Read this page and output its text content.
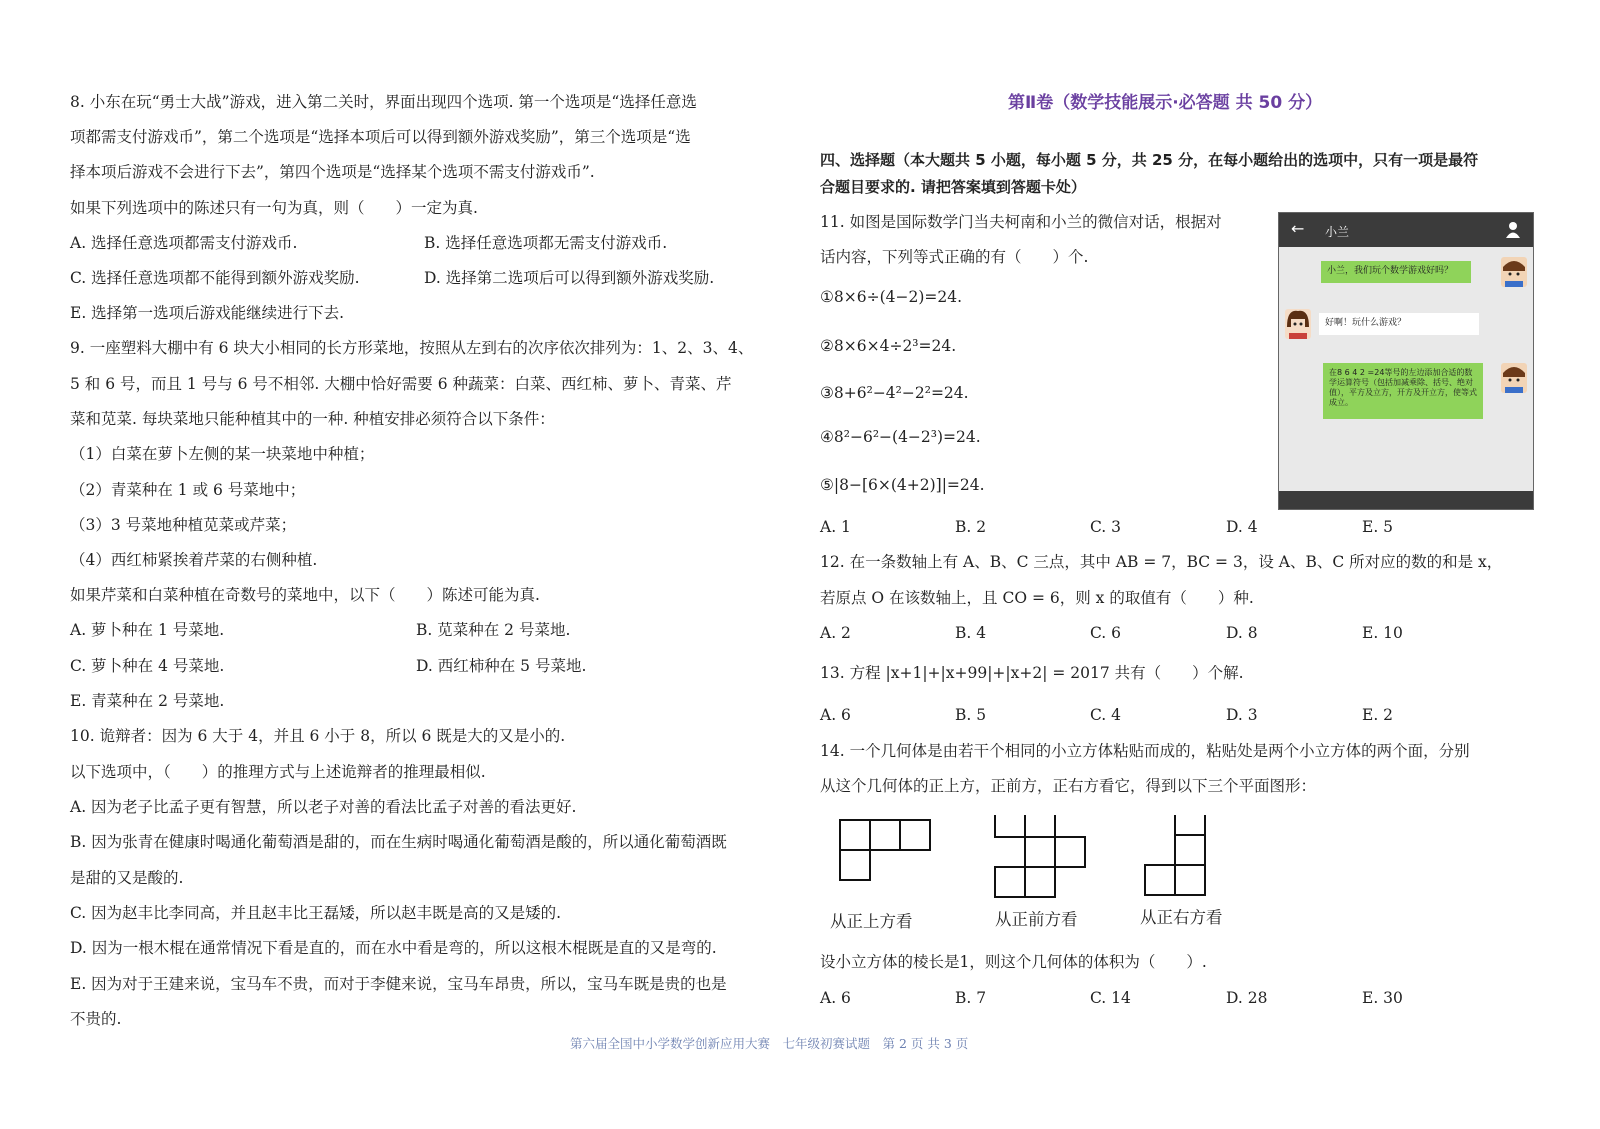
8. 小东在玩“勇士大战”游戏，进入第二关时，界面出现四个选项. 第一个选项是“选择任意选
项都需支付游戏币”，第二个选项是“选择本项后可以得到额外游戏奖励”，第三个选项是“选
择本项后游戏不会进行下去”，第四个选项是“选择某个选项不需支付游戏币”.
如果下列选项中的陈述只有一句为真，则（　　）一定为真.
A. 选择任意选项都需支付游戏币.	B. 选择任意选项都无需支付游戏币.
C. 选择任意选项都不能得到额外游戏奖励.	D. 选择第二选项后可以得到额外游戏奖励.
E. 选择第一选项后游戏能继续进行下去.
9. 一座塑料大棚中有 6 块大小相同的长方形菜地，按照从左到右的次序依次排列为：1、2、3、4、
5 和 6 号，而且 1 号与 6 号不相邻. 大棚中恰好需要 6 种蔬菜：白菜、西红柿、萝卜、青菜、芹
菜和苋菜. 每块菜地只能种植其中的一种. 种植安排必须符合以下条件：
（1）白菜在萝卜左侧的某一块菜地中种植；
（2）青菜种在 1 或 6 号菜地中；
（3）3 号菜地种植苋菜或芹菜；
（4）西红柿紧挨着芹菜的右侧种植.
如果芹菜和白菜种植在奇数号的菜地中，以下（　　）陈述可能为真.
A. 萝卜种在 1 号菜地.	B. 苋菜种在 2 号菜地.
C. 萝卜种在 4 号菜地.	D. 西红柿种在 5 号菜地.
E. 青菜种在 2 号菜地.
10. 诡辩者：因为 6 大于 4，并且 6 小于 8，所以 6 既是大的又是小的.
以下选项中，（　　）的推理方式与上述诡辩者的推理最相似.
A. 因为老子比孟子更有智慧，所以老子对善的看法比孟子对善的看法更好.
B. 因为张青在健康时喝通化葡萄酒是甜的，而在生病时喝通化葡萄酒是酸的，所以通化葡萄酒既
是甜的又是酸的.
C. 因为赵丰比李同高，并且赵丰比王磊矮，所以赵丰既是高的又是矮的.
D. 因为一根木棍在通常情况下看是直的，而在水中看是弯的，所以这根木棍既是直的又是弯的.
E. 因为对于王建来说，宝马车不贵，而对于李健来说，宝马车昂贵，所以，宝马车既是贵的也是
不贵的.
第Ⅱ卷（数学技能展示·必答题 共 50 分）
四、选择题（本大题共 5 小题，每小题 5 分，共 25 分，在每小题给出的选项中，只有一项是最符
合题目要求的. 请把答案填到答题卡处）
11. 如图是国际数学门当夫柯南和小兰的微信对话，根据对
话内容，下列等式正确的有（　　）个.
①8×6÷(4−2)=24.
②8×6×4÷2³=24.
③8+6²−4²−2²=24.
④8²−6²−(4−2³)=24.
⑤|8−[6×(4+2)]|=24.
A. 1	B. 2	C. 3	D. 4	E. 5
12. 在一条数轴上有 A、B、C 三点，其中 AB = 7，BC = 3，设 A、B、C 所对应的数的和是 x，
若原点 O 在该数轴上，且 CO = 6，则 x 的取值有（　　）种.
A. 2	B. 4	C. 6	D. 8	E. 10
13. 方程 |x+1|+|x+99|+|x+2| = 2017 共有（　　）个解.
A. 6	B. 5	C. 4	D. 3	E. 2
14. 一个几何体是由若干个相同的小立方体粘贴而成的，粘贴处是两个小立方体的两个面，分别
从这个几何体的正上方，正前方，正右方看它，得到以下三个平面图形：
从正上方看	从正前方看	从正右方看
设小立方体的棱长是1，则这个几何体的体积为（　　）.
A. 6	B. 7	C. 14	D. 28	E. 30
← 小兰
小兰，我们玩个数学游戏好吗？
好啊！玩什么游戏？
在8 6 4 2 =24等号的左边添加合适的数学运算符号（包括加减乘除、括号、绝对值），平方及立方，开方及开立方，使等式成立。
第六届全国中小学数学创新应用大赛　七年级初赛试题　第 2 页 共 3 页
